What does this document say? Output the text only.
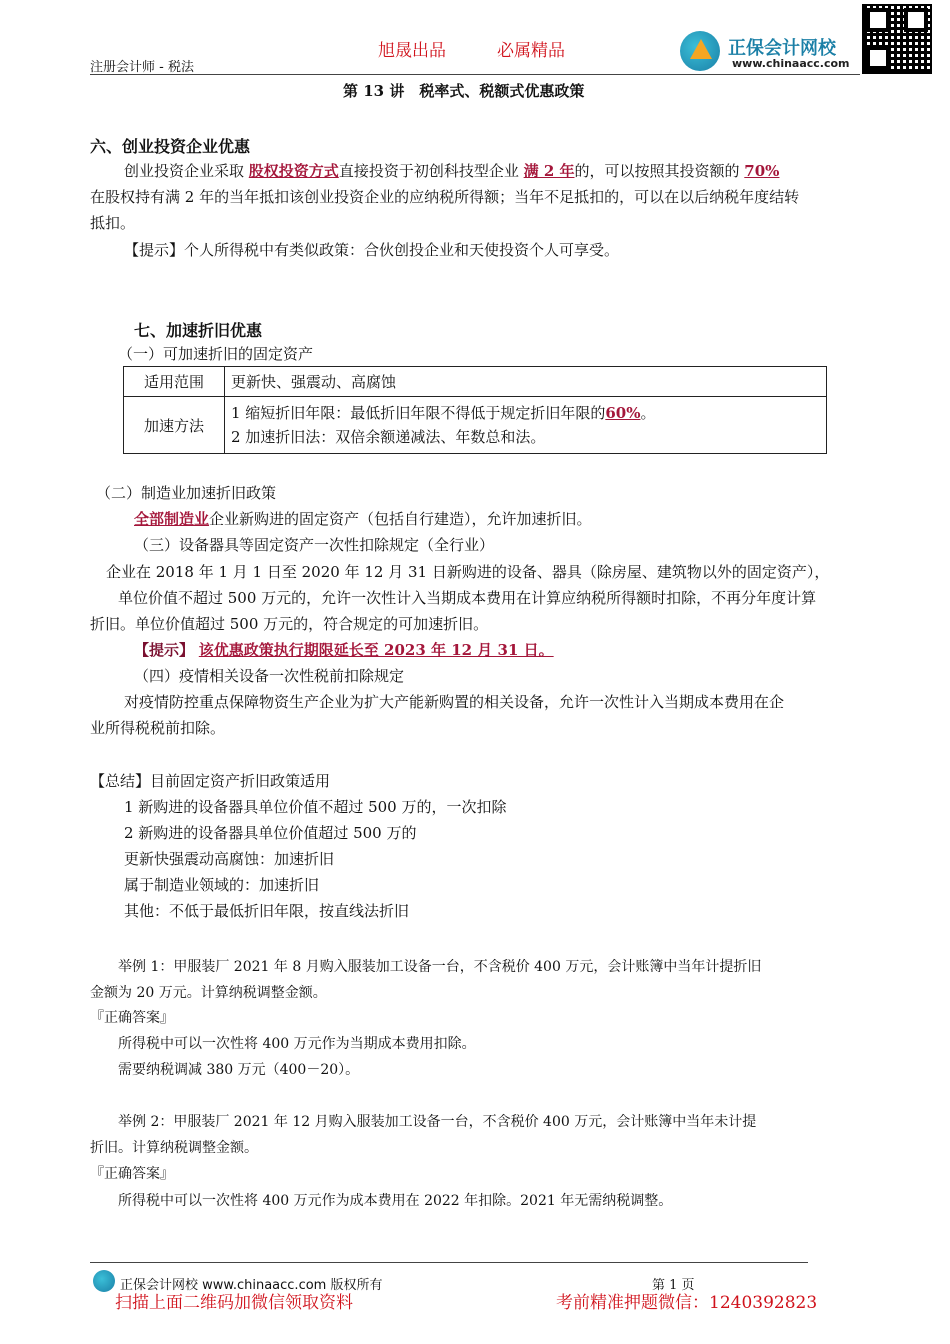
旭晟出品	必属精品
注册会计师 - 税法
正保会计网校
www.chinaacc.com
第 13 讲　税率式、税额式优惠政策
六、创业投资企业优惠
创业投资企业采取 股权投资方式直接投资于初创科技型企业 满 2 年的，可以按照其投资额的 70%
在股权持有满 2 年的当年抵扣该创业投资企业的应纳税所得额；当年不足抵扣的，可以在以后纳税年度结转
抵扣。
【提示】个人所得税中有类似政策：合伙创投企业和天使投资个人可享受。
七、加速折旧优惠
（一）可加速折旧的固定资产
适用范围	更新快、强震动、高腐蚀
加速方法	1 缩短折旧年限：最低折旧年限不得低于规定折旧年限的60%。
2 加速折旧法：双倍余额递减法、年数总和法。
（二）制造业加速折旧政策
全部制造业企业新购进的固定资产（包括自行建造），允许加速折旧。
（三）设备器具等固定资产一次性扣除规定（全行业）
企业在 2018 年 1 月 1 日至 2020 年 12 月 31 日新购进的设备、器具（除房屋、建筑物以外的固定资产），
单位价值不超过 500 万元的，允许一次性计入当期成本费用在计算应纳税所得额时扣除，不再分年度计算
折旧。单位价值超过 500 万元的，符合规定的可加速折旧。
【提示】 该优惠政策执行期限延长至 2023 年 12 月 31 日。
（四）疫情相关设备一次性税前扣除规定
对疫情防控重点保障物资生产企业为扩大产能新购置的相关设备，允许一次性计入当期成本费用在企
业所得税税前扣除。
【总结】目前固定资产折旧政策适用
1 新购进的设备器具单位价值不超过 500 万的，一次扣除
2 新购进的设备器具单位价值超过 500 万的
更新快强震动高腐蚀：加速折旧
属于制造业领域的：加速折旧
其他：不低于最低折旧年限，按直线法折旧
举例 1：甲服装厂 2021 年 8 月购入服装加工设备一台，不含税价 400 万元，会计账簿中当年计提折旧
金额为 20 万元。计算纳税调整金额。
『正确答案』
所得税中可以一次性将 400 万元作为当期成本费用扣除。
需要纳税调减 380 万元（400－20）。
举例 2：甲服装厂 2021 年 12 月购入服装加工设备一台，不含税价 400 万元，会计账簿中当年未计提
折旧。计算纳税调整金额。
『正确答案』
所得税中可以一次性将 400 万元作为成本费用在 2022 年扣除。2021 年无需纳税调整。
正保会计网校 www.chinaacc.com 版权所有	第 1 页
扫描上面二维码加微信领取资料	考前精准押题微信：1240392823
